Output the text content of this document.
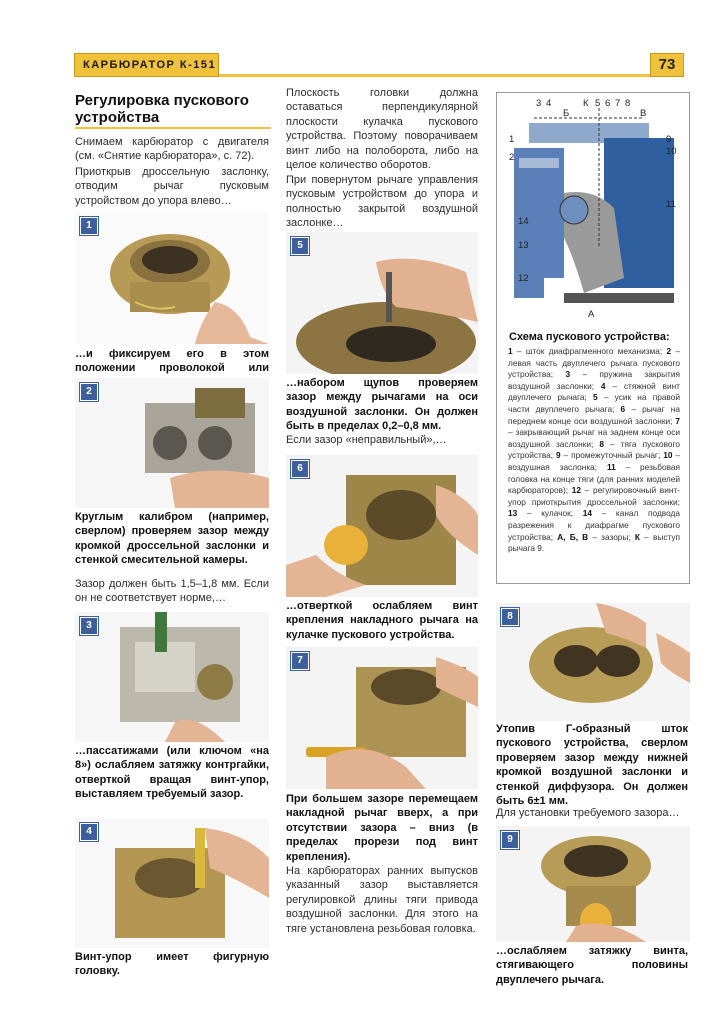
КАРБЮРАТОР К-151	73
Регулировка пускового устройства
Снимаем карбюратор с двигателя (см. «Снятие карбюратора», с. 72).
Приоткрыв дроссельную заслонку, отводим рычаг пусковым устройством до упора влево…
1
…и фиксируем его в этом положении проволокой или
2
Круглым калибром (например, сверлом) проверяем зазор между кромкой дроссельной заслонки и стенкой смесительной камеры.
Зазор должен быть 1,5–1,8 мм. Если он не соответствует норме,…
3
…пассатижами (или ключом «на 8») ослабляем затяжку контргайки, отверткой вращая винт-упор, выставляем требуемый зазор.
4
Винт-упор имеет фигурную головку.
Плоскость головки должна оставаться перпендикулярной плоскости кулачка пускового устройства. Поэтому поворачиваем винт либо на полоборота, либо на целое количество оборотов.
При повернутом рычаге управления пусковым устройством до упора и полностью закрытой воздушной заслонке…
5
…набором щупов проверяем зазор между рычагами на оси воздушной заслонки. Он должен быть в пределах 0,2–0,8 мм.
Если зазор «неправильный»,…
6
…отверткой ослабляем винт крепления накладного рычага на кулачке пускового устройства.
7
При большем зазоре перемещаем накладной рычаг вверх, а при отсутствии зазора – вниз (в пределах прорези под винт крепления).
На карбюраторах ранних выпусков указанный зазор выставляется регулировкой длины тяги привода воздушной заслонки. Для этого на тяге установлена резьбовая головка.
3 4
Б
К 5 6 7 8
В
1
2
14
13
12
9
10
11
А
Схема пускового устройства:
1 – шток диафрагменного механизма; 2 – левая часть двуплечего рычага пускового устройства; 3 – пружина закрытия воздушной заслонки; 4 – стяжной винт двуплечего рычага; 5 – усик на правой части двуплечего рычага; 6 – рычаг на переднем конце оси воздушной заслонки; 7 – закрывающий рычаг на заднем конце оси воздушной заслонки; 8 – тяга пускового устройства; 9 – промежуточный рычаг; 10 – воздушная заслонка; 11 – резьбовая головка на конце тяги (для ранних моделей карбюраторов); 12 – регулировочный винт-упор приоткрытия дроссельной заслонки; 13 – кулачок; 14 – канал подвода разрежения к диафрагме пускового устройства; А, Б, В – зазоры; К – выступ рычага 9.
8
Утопив Г-образный шток пускового устройства, сверлом проверяем зазор между нижней кромкой воздушной заслонки и стенкой диффузора. Он должен быть 6±1 мм.
Для установки требуемого зазора…
9
…ослабляем затяжку винта, стягивающего половины двуплечего рычага.
